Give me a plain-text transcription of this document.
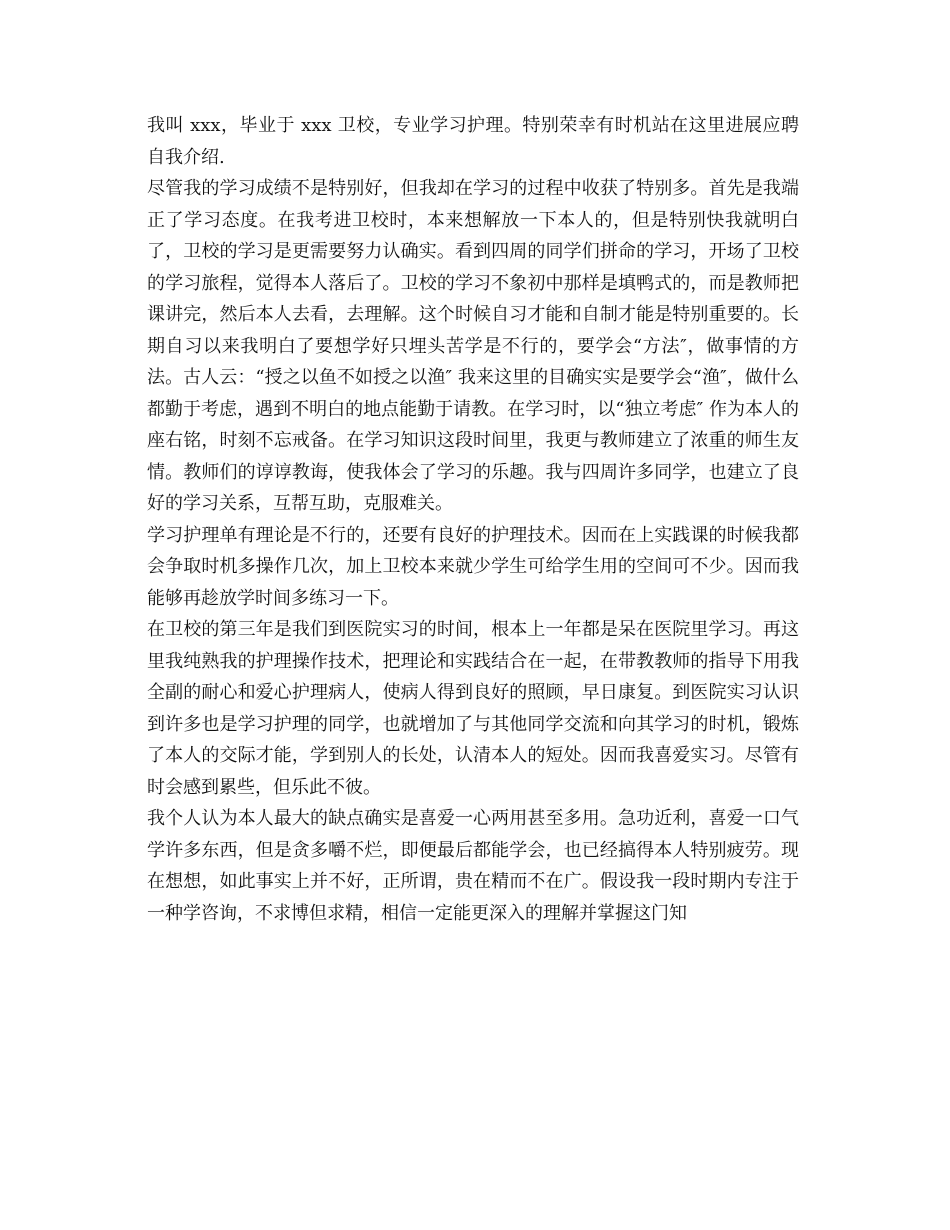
我叫 xxx，毕业于 xxx 卫校，专业学习护理。特别荣幸有时机站在这里进展应聘自我介绍.

尽管我的学习成绩不是特别好，但我却在学习的过程中收获了特别多。首先是我端正了学习态度。在我考进卫校时，本来想解放一下本人的，但是特别快我就明白了，卫校的学习是更需要努力认确实。看到四周的同学们拼命的学习，开场了卫校的学习旅程，觉得本人落后了。卫校的学习不象初中那样是填鸭式的，而是教师把课讲完，然后本人去看，去理解。这个时候自习才能和自制才能是特别重要的。长期自习以来我明白了要想学好只埋头苦学是不行的，要学会“方法″，做事情的方法。古人云：“授之以鱼不如授之以渔″ 我来这里的目确实实是要学会“渔″，做什么都勤于考虑，遇到不明白的地点能勤于请教。在学习时，以“独立考虑″ 作为本人的座右铭，时刻不忘戒备。在学习知识这段时间里，我更与教师建立了浓重的师生友情。教师们的谆谆教诲，使我体会了学习的乐趣。我与四周许多同学，也建立了良好的学习关系，互帮互助，克服难关。

学习护理单有理论是不行的，还要有良好的护理技术。因而在上实践课的时候我都会争取时机多操作几次，加上卫校本来就少学生可给学生用的空间可不少。因而我能够再趁放学时间多练习一下。

在卫校的第三年是我们到医院实习的时间，根本上一年都是呆在医院里学习。再这里我纯熟我的护理操作技术，把理论和实践结合在一起，在带教教师的指导下用我全副的耐心和爱心护理病人，使病人得到良好的照顾，早日康复。到医院实习认识到许多也是学习护理的同学，也就增加了与其他同学交流和向其学习的时机，锻炼了本人的交际才能，学到别人的长处，认清本人的短处。因而我喜爱实习。尽管有时会感到累些，但乐此不彼。

我个人认为本人最大的缺点确实是喜爱一心两用甚至多用。急功近利，喜爱一口气学许多东西，但是贪多嚼不烂，即便最后都能学会，也已经搞得本人特别疲劳。现在想想，如此事实上并不好，正所谓，贵在精而不在广。假设我一段时期内专注于一种学咨询，不求博但求精，相信一定能更深入的理解并掌握这门知
